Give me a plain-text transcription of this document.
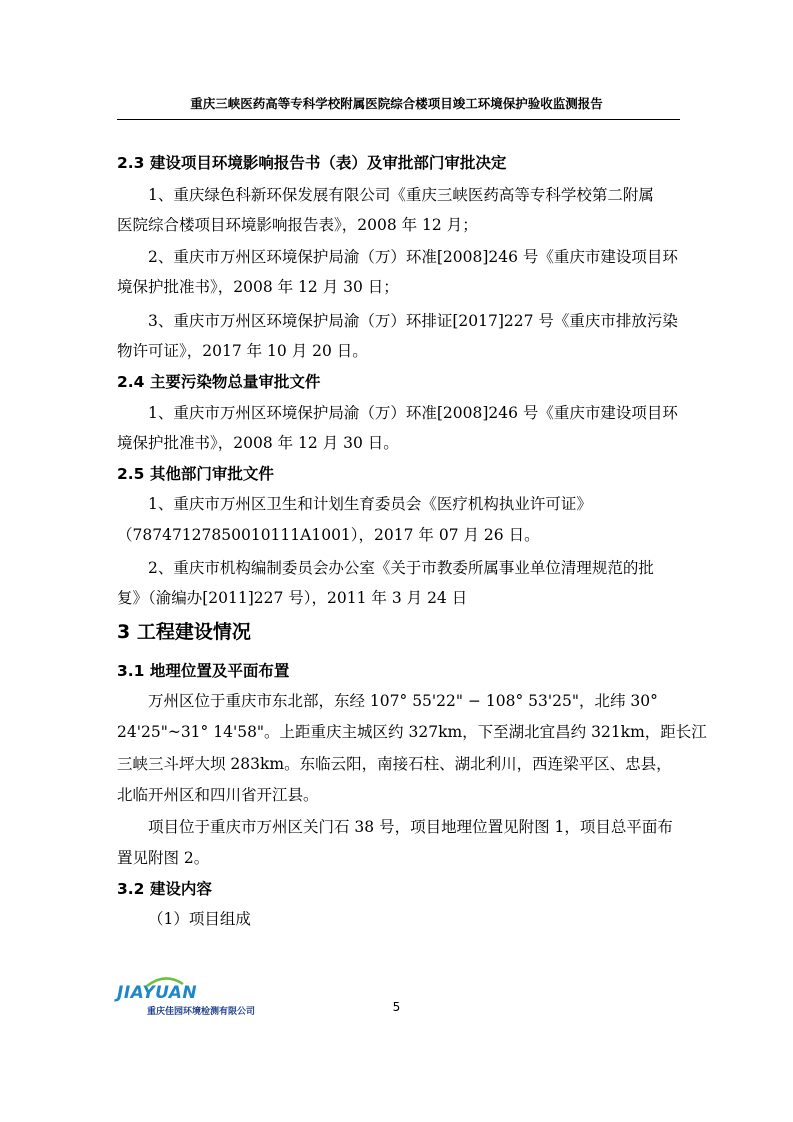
重庆三峡医药高等专科学校附属医院综合楼项目竣工环境保护验收监测报告
2.3 建设项目环境影响报告书（表）及审批部门审批决定
1、重庆绿色科新环保发展有限公司《重庆三峡医药高等专科学校第二附属
医院综合楼项目环境影响报告表》，2008 年 12 月；
2、重庆市万州区环境保护局渝（万）环准[2008]246 号《重庆市建设项目环
境保护批准书》，2008 年 12 月 30 日；
3、重庆市万州区环境保护局渝（万）环排证[2017]227 号《重庆市排放污染
物许可证》，2017 年 10 月 20 日。
2.4 主要污染物总量审批文件
1、重庆市万州区环境保护局渝（万）环准[2008]246 号《重庆市建设项目环
境保护批准书》，2008 年 12 月 30 日。
2.5 其他部门审批文件
1、重庆市万州区卫生和计划生育委员会《医疗机构执业许可证》
（78747127850010111A1001），2017 年 07 月 26 日。
2、重庆市机构编制委员会办公室《关于市教委所属事业单位清理规范的批
复》（渝编办[2011]227 号），2011 年 3 月 24 日
3 工程建设情况
3.1 地理位置及平面布置
万州区位于重庆市东北部，东经 107° 55'22" − 108° 53'25"，北纬 30°
24'25"~31° 14'58"。上距重庆主城区约 327km，下至湖北宜昌约 321km，距长江
三峡三斗坪大坝 283km。东临云阳，南接石柱、湖北利川，西连梁平区、忠县，
北临开州区和四川省开江县。
项目位于重庆市万州区关门石 38 号，项目地理位置见附图 1，项目总平面布
置见附图 2。
3.2 建设内容
（1）项目组成
JIAYUAN
重庆佳园环境检测有限公司	5
